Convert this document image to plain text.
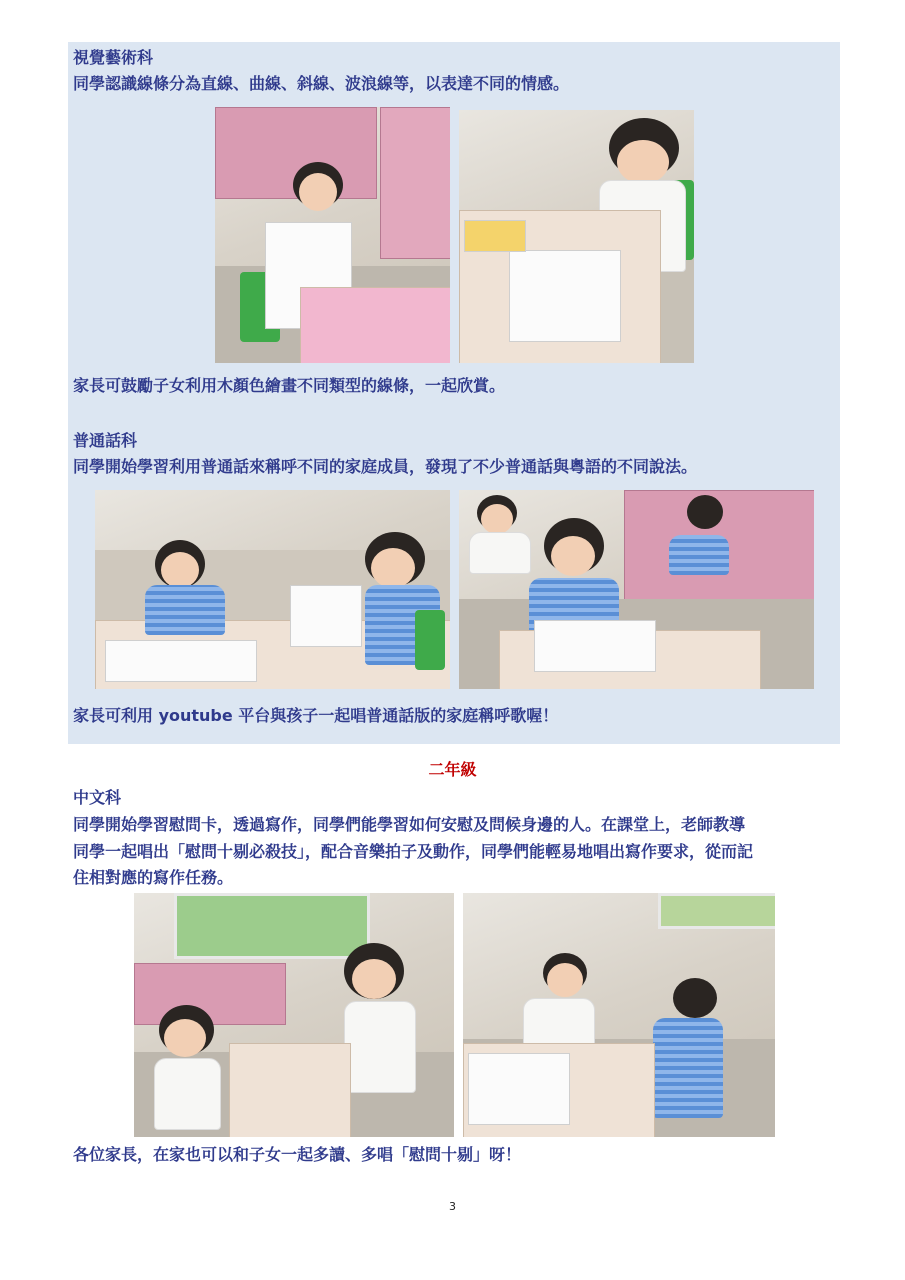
視覺藝術科
同學認識線條分為直線、曲線、斜線、波浪線等，以表達不同的情感。
家長可鼓勵子女利用木顏色繪畫不同類型的線條，一起欣賞。
普通話科
同學開始學習利用普通話來稱呼不同的家庭成員，發現了不少普通話與粵語的不同說法。
家長可利用 youtube 平台與孩子一起唱普通話版的家庭稱呼歌喔！
二年級
中文科
同學開始學習慰問卡，透過寫作，同學們能學習如何安慰及問候身邊的人。在課堂上，老師教導
同學一起唱出「慰問十剔必殺技」，配合音樂拍子及動作，同學們能輕易地唱出寫作要求，從而記
住相對應的寫作任務。
各位家長，在家也可以和子女一起多讀、多唱「慰問十剔」呀！
3
